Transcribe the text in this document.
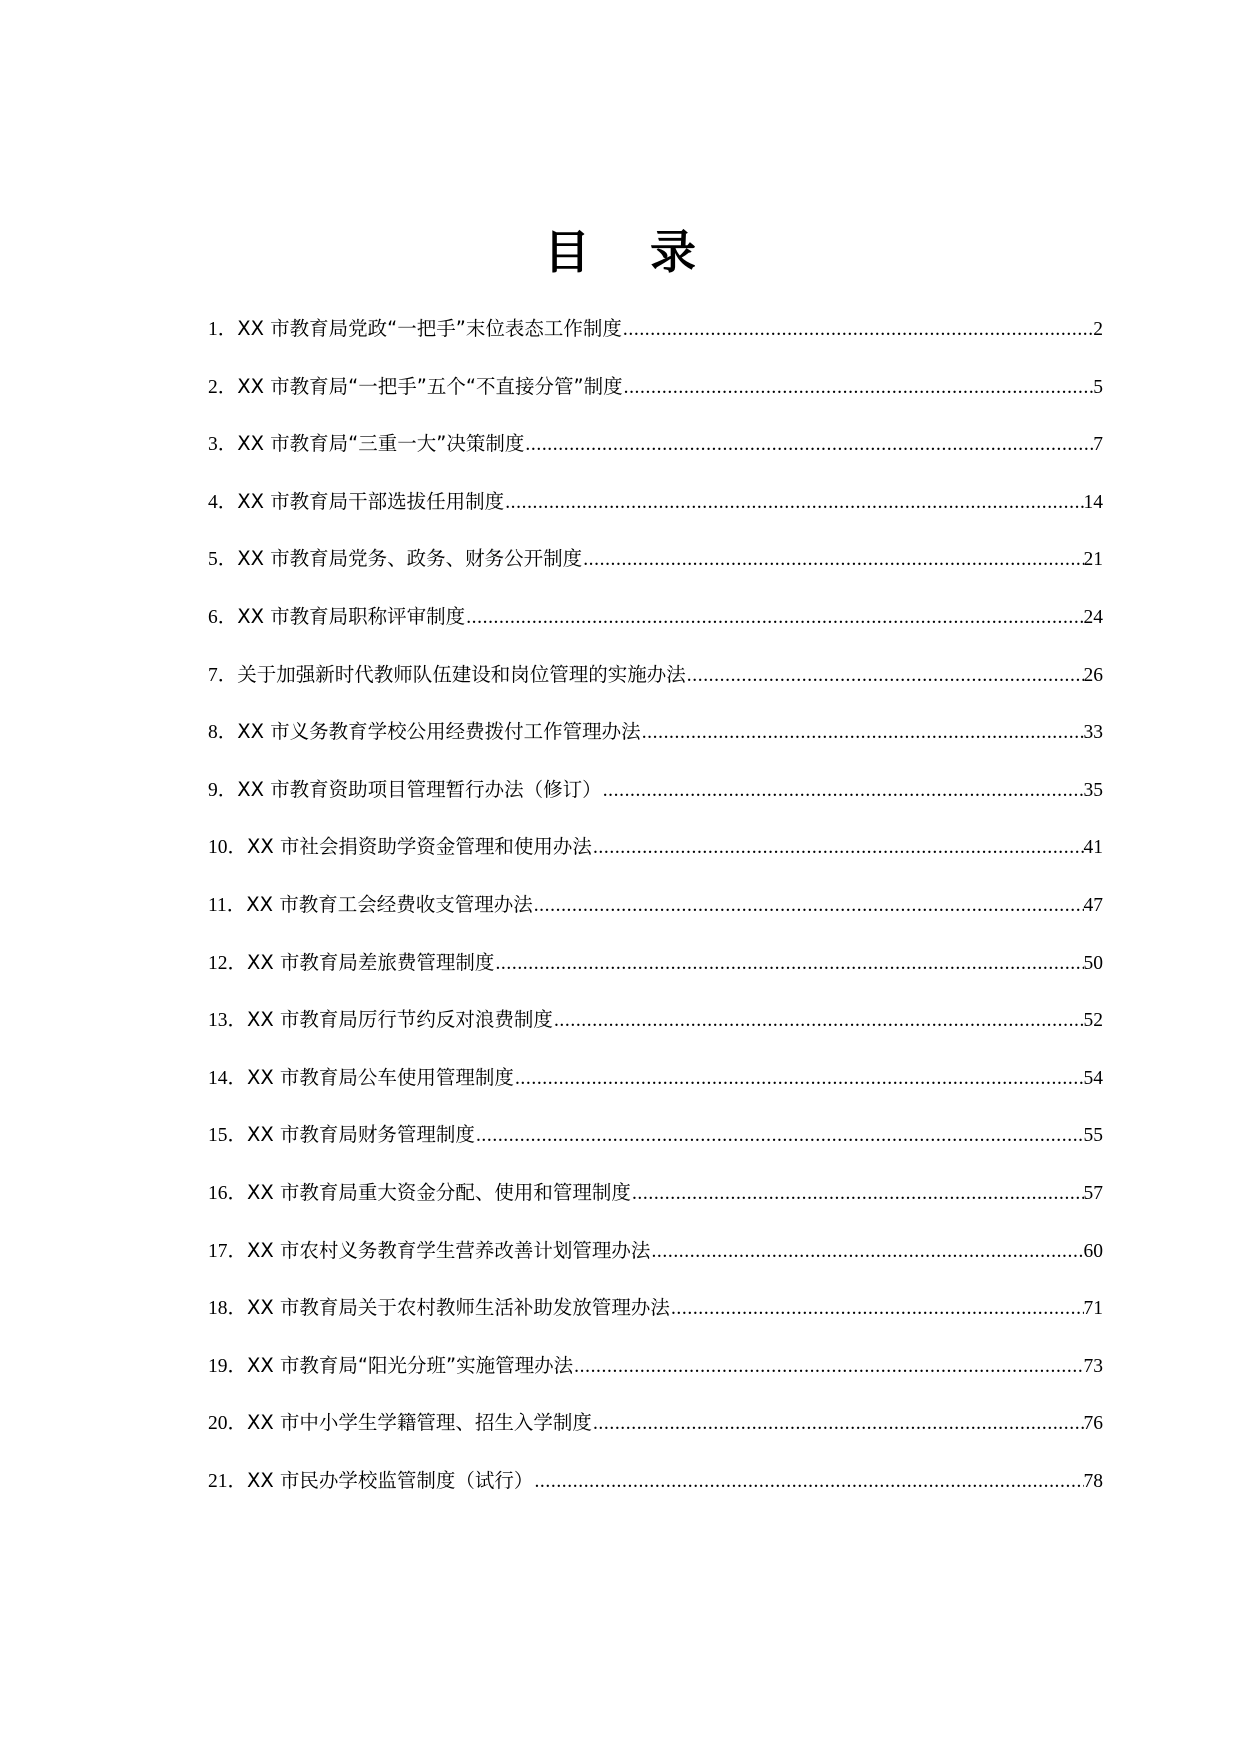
目 录
1． XX 市教育局党政“一把手”末位表态工作制度 .....	2
2． XX 市教育局“一把手”五个“不直接分管”制度 .....	5
3． XX 市教育局“三重一大”决策制度 .....	7
4． XX 市教育局干部选拔任用制度 .....	14
5． XX 市教育局党务、政务、财务公开制度 .....	21
6． XX 市教育局职称评审制度 .....	24
7． 关于加强新时代教师队伍建设和岗位管理的实施办法 .....	26
8． XX 市义务教育学校公用经费拨付工作管理办法 .....	33
9． XX 市教育资助项目管理暂行办法（修订） .....	35
10． XX 市社会捐资助学资金管理和使用办法 .....	41
11． XX 市教育工会经费收支管理办法 .....	47
12． XX 市教育局差旅费管理制度 .....	50
13． XX 市教育局厉行节约反对浪费制度 .....	52
14． XX 市教育局公车使用管理制度 .....	54
15． XX 市教育局财务管理制度 .....	55
16． XX 市教育局重大资金分配、使用和管理制度 .....	57
17． XX 市农村义务教育学生营养改善计划管理办法 .....	60
18． XX 市教育局关于农村教师生活补助发放管理办法 .....	71
19． XX 市教育局“阳光分班”实施管理办法 .....	73
20． XX 市中小学生学籍管理、招生入学制度 .....	76
21． XX 市民办学校监管制度（试行） .....	78
